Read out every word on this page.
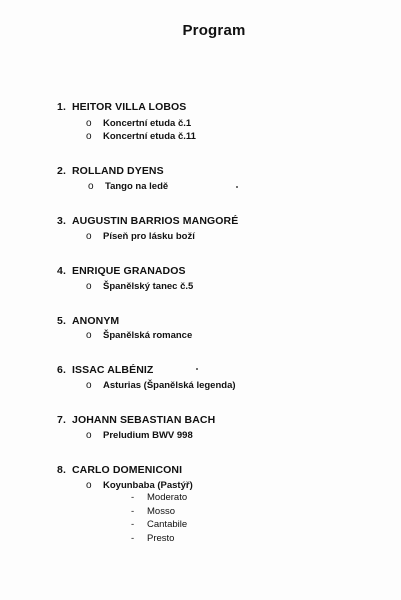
Program
1. HEITOR VILLA LOBOS
o Koncertní etuda č.1
o Koncertní etuda č.11
2. ROLLAND DYENS
o Tango na ledě
3. AUGUSTIN BARRIOS MANGORÉ
o Píseň pro lásku boží
4. ENRIQUE GRANADOS
o Španělský tanec č.5
5. ANONYM
o Španělská romance
6. ISSAC ALBÉNIZ
o Asturias (Španělská legenda)
7. JOHANN SEBASTIAN BACH
o Preludium BWV 998
8. CARLO DOMENICONI
o Koyunbaba (Pastýř)
- Moderato
- Mosso
- Cantabile
- Presto
